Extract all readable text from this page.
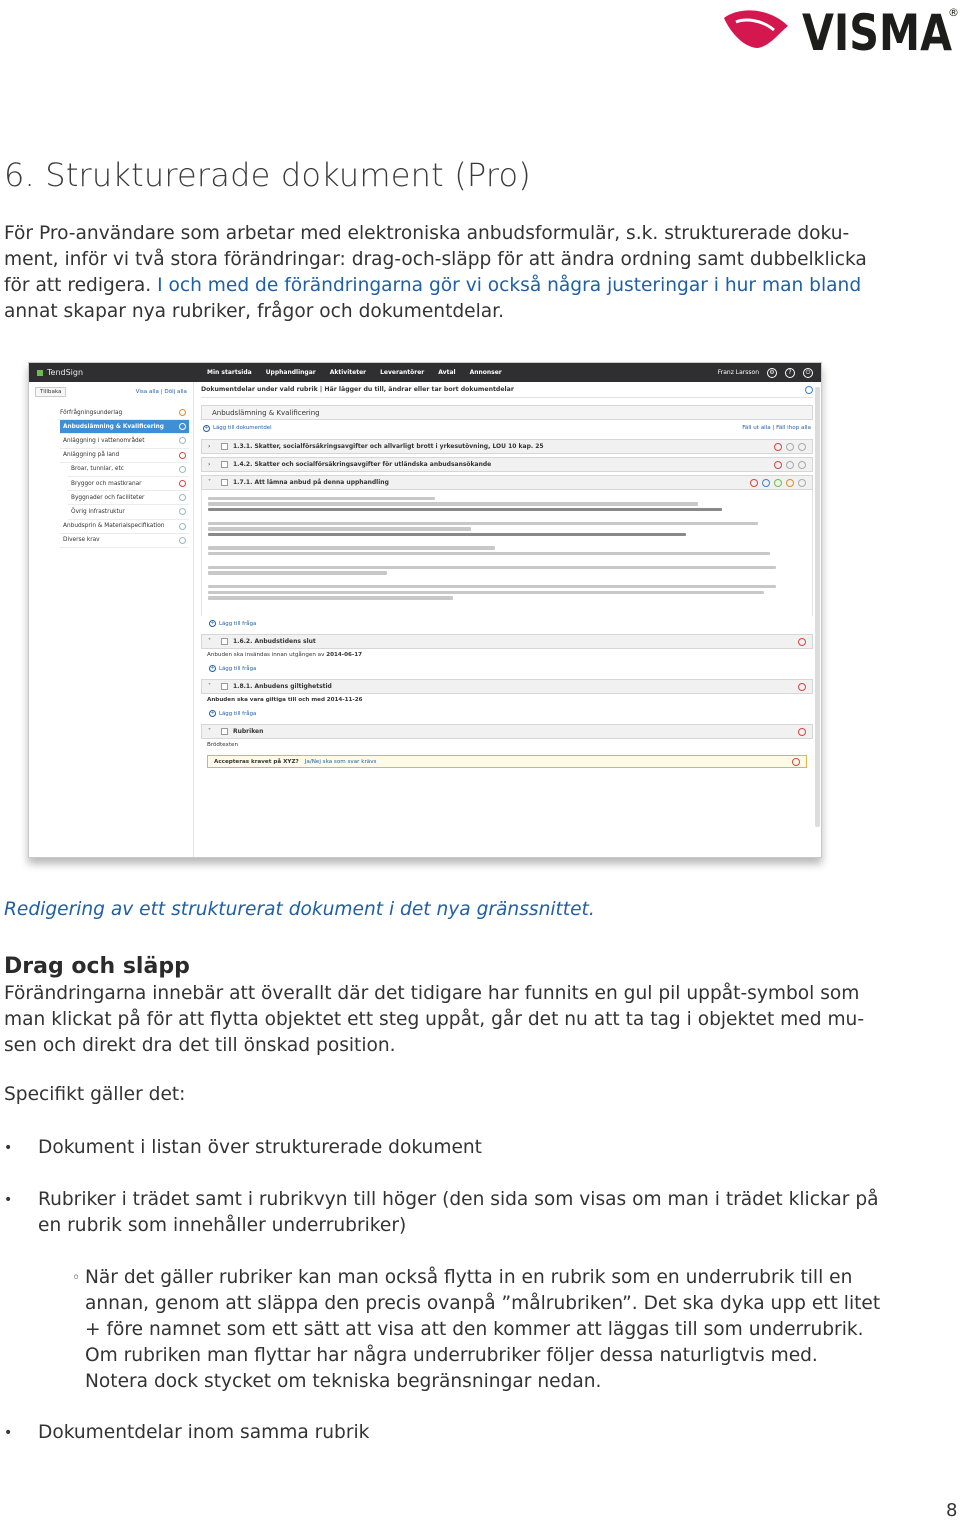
VISMA
®
6. Strukturerade dokument (Pro)
För Pro-användare som arbetar med elektroniska anbudsformulär, s.k. strukturerade doku-
ment, inför vi två stora förändringar: drag-och-släpp för att ändra ordning samt dubbelklicka
för att redigera. I och med de förändringarna gör vi också några justeringar i hur man bland
annat skapar nya rubriker, frågor och dokumentdelar.
TendSign	Min startsida Upphandlingar Aktiviteter Leverantörer Avtal Annonser	Franz Larsson	⚙	?	⏻
Tillbaka	Visa alla | Dölj alla
Förfrågningsunderlag
Anbudslämning & Kvalificering
Anläggning i vattenområdet
Anläggning på land
Broar, tunnlar, etc
Bryggor och mastkranar
Byggnader och faciliteter
Övrig infrastruktur
Anbudsprin & Materialspecifikation
Diverse krav
Dokumentdelar under vald rubrik | Här lägger du till, ändrar eller tar bort dokumentdelar
Anbudslämning & Kvalificering
+ Lägg till dokumentdel	Fäll ut alla | Fäll ihop alla
›	1.3.1. Skatter, socialförsäkringsavgifter och allvarligt brott i yrkesutövning, LOU 10 kap. 25
›	1.4.2. Skatter och socialförsäkringsavgifter för utländska anbudsansökande
˅	1.7.1. Att lämna anbud på denna upphandling
+ Lägg till fråga
˅	1.6.2. Anbudstidens slut
Anbuden ska insändas innan utgången av 2014-06-17
+ Lägg till fråga
˅	1.8.1. Anbudens giltighetstid
Anbuden ska vara giltiga till och med 2014-11-26
+ Lägg till fråga
˅	Rubriken
Brödtexten
Accepteras kravet på XYZ? Ja/Nej ska som svar krävs

Redigering av ett strukturerat dokument i det nya gränssnittet.

Drag och släpp
Förändringarna innebär att överallt där det tidigare har funnits en gul pil uppåt-symbol som
man klickat på för att flytta objektet ett steg uppåt, går det nu att ta tag i objektet med mu-
sen och direkt dra det till önskad position.

Specifikt gäller det:

• Dokument i listan över strukturerade dokument
• Rubriker i trädet samt i rubrikvyn till höger (den sida som visas om man i trädet klickar på
en rubrik som innehåller underrubriker)
◦ När det gäller rubriker kan man också flytta in en rubrik som en underrubrik till en
annan, genom att släppa den precis ovanpå ”målrubriken”. Det ska dyka upp ett litet
+ före namnet som ett sätt att visa att den kommer att läggas till som underrubrik.
Om rubriken man flyttar har några underrubriker följer dessa naturligtvis med.
Notera dock stycket om tekniska begränsningar nedan.
• Dokumentdelar inom samma rubrik
8
